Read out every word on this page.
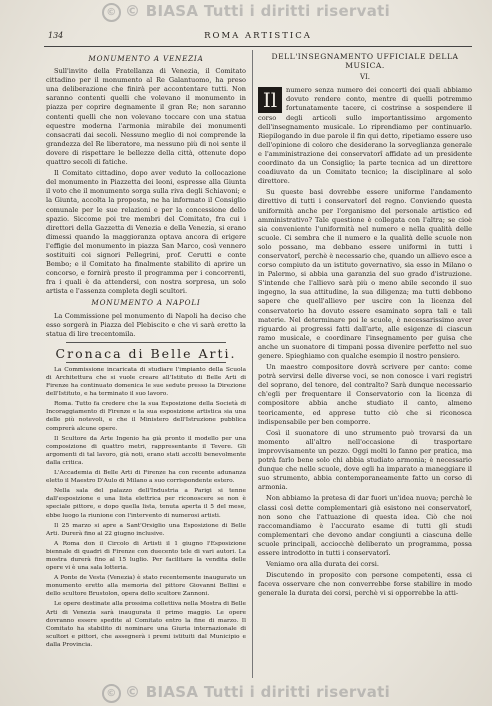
© © BIASA Tutti i diritti riservati
134	ROMA ARTISTICA
MONUMENTO A VENEZIA

Sull'invito della Fratellanza di Venezia, il Comitato cittadino per il monumento al Re Galantuomo, ha preso una deliberazione che finirà per accontentare tutti. Non saranno contenti quelli che volevano il monumento in piazza per coprire degnamente il gran Re; non saranno contenti quelli che non volevano toccare con una statua equestre moderna l'armonia mirabile dei monumenti consacrati dai secoli. Nessuno meglio di noi comprende la grandezza del Re liberatore, ma nessuno più di noi sente il dovere di rispettare le bellezze della città, ottenute dopo quattro secoli di fatiche.

Il Comitato cittadino, dopo aver veduto la collocazione del monumento in Piazzetta dei leoni, espresse alla Giunta il voto che il monumento sorga sulla riva degli Schiavoni; e la Giunta, accolta la proposta, ne ha informato il Consiglio comunale per le sue relazioni e per la concessione dello spazio. Siccome poi tre membri del Comitato, fra cui i direttori della Gazzetta di Venezia e della Venezia, si erano dimessi quando la maggioranza optava ancora di erigere l'effigie del monumento in piazza San Marco, così vennero sostituiti coi signori Pellegrini, prof. Cerutti e conte Bembo; e il Comitato ha finalmente stabilito di aprire un concorso, e fornirà presto il programma per i concorrenti, fra i quali è da attendersi, con nostra sorpresa, un solo artista e l'assenza completa degli scultori.

MONUMENTO A NAPOLI

La Commissione pel monumento di Napoli ha deciso che esso sorgerà in Piazza del Plebiscito e che vi sarà eretto la statua di lire trecentomila.

Cronaca di Belle Arti.

La Commissione incaricata di studiare l'impianto della Scuola di Architettura che si vuole creare all'Istituto di Belle Arti di Firenze ha continuato domenica le sue sedute presso la Direzione dell'Istituto, e ha terminato il suo lavoro.

Roma. Tutto fa credere che la sua Esposizione della Società di Incoraggiamento di Firenze e la sua esposizione artistica sia una delle più notevoli, e che il Ministero dell'Istruzione pubblica comprerà alcune opere.

Il Scultore da Arte Ingenio ha già pronto il modello per una composizione di quattro metri, rappresentante il Tevere. Gli argomenti di tal lavoro, già noti, erano stati accolti benevolmente dalla critica.

L'Accademia di Belle Arti di Firenze ha con recente adunanza eletto il Maestro D'Aulo di Milano a suo corrispondente estero.

Nella sala del palazzo dell'Industria a Parigi si tenne dall'esposizione e una lista elettrica per riconoscere se non è speciale pittore, e dopo quella lista, tenuta aperta il 5 del mese, ebbe luogo la riunione con l'intervento di numerosi artisti.

Il 25 marzo si apre a Sant'Orsiglio una Esposizione di Belle Arti. Durerà fino al 22 giugno inclusive.

A Roma don il Circolo di Artisti il 1 giugno l'Esposizione biennale di quadri di Firenze con duecento tele di vari autori. La mostra durerà fino al 15 luglio. Per facilitare la vendita delle opere vi è una sala lotteria.

A Ponte de Vesta (Venezia) è stato recentemente inaugurato un monumento eretto alla memoria del pittore Giovanni Bellini e dello scultore Brustolon, opera dello scultore Zannoni.

Le opere destinate alla prossima collettiva nella Mostra di Belle Arti di Venezia sarà inaugurata il primo maggio. Le opere dovranno essere spedite al Comitato entro la fine di marzo. Il Comitato ha stabilito di nominare una Giuria internazionale di scultori e pittori, che assegnerà i premi istituiti dal Municipio e dalla Provincia.

DELL'INSEGNAMENTO UFFICIALE DELLA MUSICA.
VI.
Il	numero senza numero dei concerti dei quali abbiamo dovuto rendere conto, mentre di quelli potremmo fortunatamente tacere, ci costrinse a sospendere il corso degli articoli sullo importantissimo argomento dell'insegnamento musicale. Lo riprendiamo per continuarlo. Riepilogando in due parole il fin qui detto, ripetiamo essere uso dell'opinione di coloro che desiderano la sorveglianza generale e l'amministrazione dei conservatorî affidate ad un presidente coordinato da un Consiglio; la parte tecnica ad un direttore coadiuvato da un Comitato tecnico; la disciplinare al solo direttore.

Su queste basi dovrebbe essere uniforme l'andamento direttivo di tutti i conservatorî del regno. Conviendo questa uniformità anche per l'organismo del personale artistico ed amministrativo? Tale questione è collegata con l'altra; se cioè sia conveniente l'uniformità nel numero e nella qualità delle scuole. Ci sembra che il numero e la qualità delle scuole non solo possano, ma debbano essere uniformi in tutti i conservatorî, perchè è necessario che, quando un allievo esce a corso compiuto da un istituto governativo, sia esso in Milano o in Palermo, si abbia una garanzia del suo grado d'istruzione. S'intende che l'allievo sarà più o meno abile secondo il suo ingegno, la sua attitudine, la sua diligenza; ma tutti debbono sapere che quell'allievo per uscire con la licenza del conservatorio ha dovuto essere esaminato sopra tali e tali materie. Nel determinare poi le scuole, è necessarissimo aver riguardo ai progressi fatti dall'arte, alle esigenze di ciascun ramo musicale, e coordinare l'insegnamento per guisa che anche un suonatore di timpani possa divenire perfetto nel suo genere. Spieghiamo con qualche esempio il nostro pensiero.

Un maestro compositore dovrà scrivere per canto: come potrà servirsi delle diverse voci, se non conosce i vari registri del soprano, del tenore, del contralto? Sarà dunque necessario ch'egli per frequentare il Conservatorio con la licenza di compositore abbia anche studiato il canto, almeno teoricamente, ed apprese tutto ciò che si riconosca indispensabile per ben comporre.

Così il suonatore di uno strumento può trovarsi da un momento all'altro nell'occasione di trasportare improvvisamente un pezzo. Oggi molti lo fanno per pratica, ma potrà farlo bene solo chi abbia studiato armonia; è necessario dunque che nelle scuole, dove egli ha imparato a maneggiare il suo strumento, abbia contemporaneamente fatto un corso di armonia.

Non abbiamo la pretesa di dar fuori un'idea nuova; perchè le classi così dette complementari già esistono nei conservatorî, non sono che l'attuazione di questa idea. Ciò che noi raccomandiamo è l'accurato esame di tutti gli studi complementari che devono andar congiunti a ciascuna delle scuole principali, acciocchè deliberato un programma, possa essere introdotto in tutti i conservatorî.

Veniamo ora alla durata dei corsi.

Discutendo in proposito con persone competenti, essa ci faceva osservare che non converrebbe forse stabilire in modo generale la durata dei corsi, perchè vi si opporrebbe la atti-

© © BIASA Tutti i diritti riservati
